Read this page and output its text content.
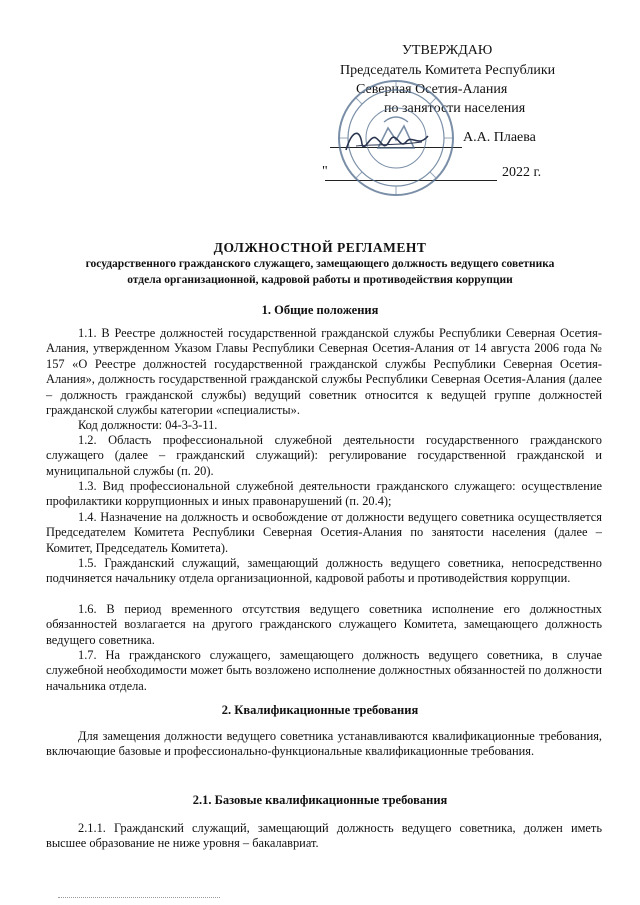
УТВЕРЖДАЮ
Председатель Комитета Республики
Северная Осетия-Алания
по занятости населения
А.А. Плаева
"	2022 г.
ДОЛЖНОСТНОЙ РЕГЛАМЕНТ
государственного гражданского служащего, замещающего должность ведущего советника
отдела организационной, кадровой работы и противодействия коррупции
1. Общие положения

1.1. В Реестре должностей государственной гражданской службы Республики Северная Осетия-Алания, утвержденном Указом Главы Республики Северная Осетия-Алания от 14 августа 2006 года № 157 «О Реестре должностей государственной гражданской службы Республики Северная Осетия-Алания», должность государственной гражданской службы Республики Северная Осетия-Алания (далее – должность гражданской службы) ведущий советник относится к ведущей группе должностей гражданской службы категории «специалисты».

Код должности: 04-3-3-11.

1.2. Область профессиональной служебной деятельности государственного гражданского служащего (далее – гражданский служащий): регулирование государственной гражданской и муниципальной службы (п. 20).

1.3. Вид профессиональной служебной деятельности гражданского служащего: осуществление профилактики коррупционных и иных правонарушений (п. 20.4);

1.4. Назначение на должность и освобождение от должности ведущего советника осуществляется Председателем Комитета Республики Северная Осетия-Алания по занятости населения (далее – Комитет, Председатель Комитета).

1.5. Гражданский служащий, замещающий должность ведущего советника, непосредственно подчиняется начальнику отдела организационной, кадровой работы и противодействия коррупции.

1.6. В период временного отсутствия ведущего советника исполнение его должностных обязанностей возлагается на другого гражданского служащего Комитета, замещающего должность ведущего советника.

1.7. На гражданского служащего, замещающего должность ведущего советника, в случае служебной необходимости может быть возложено исполнение должностных обязанностей по должности начальника отдела.

2. Квалификационные требования

Для замещения должности ведущего советника устанавливаются квалификационные требования, включающие базовые и профессионально-функциональные квалификационные требования.

2.1. Базовые квалификационные требования

2.1.1. Гражданский служащий, замещающий должность ведущего советника, должен иметь высшее образование не ниже уровня – бакалавриат.
